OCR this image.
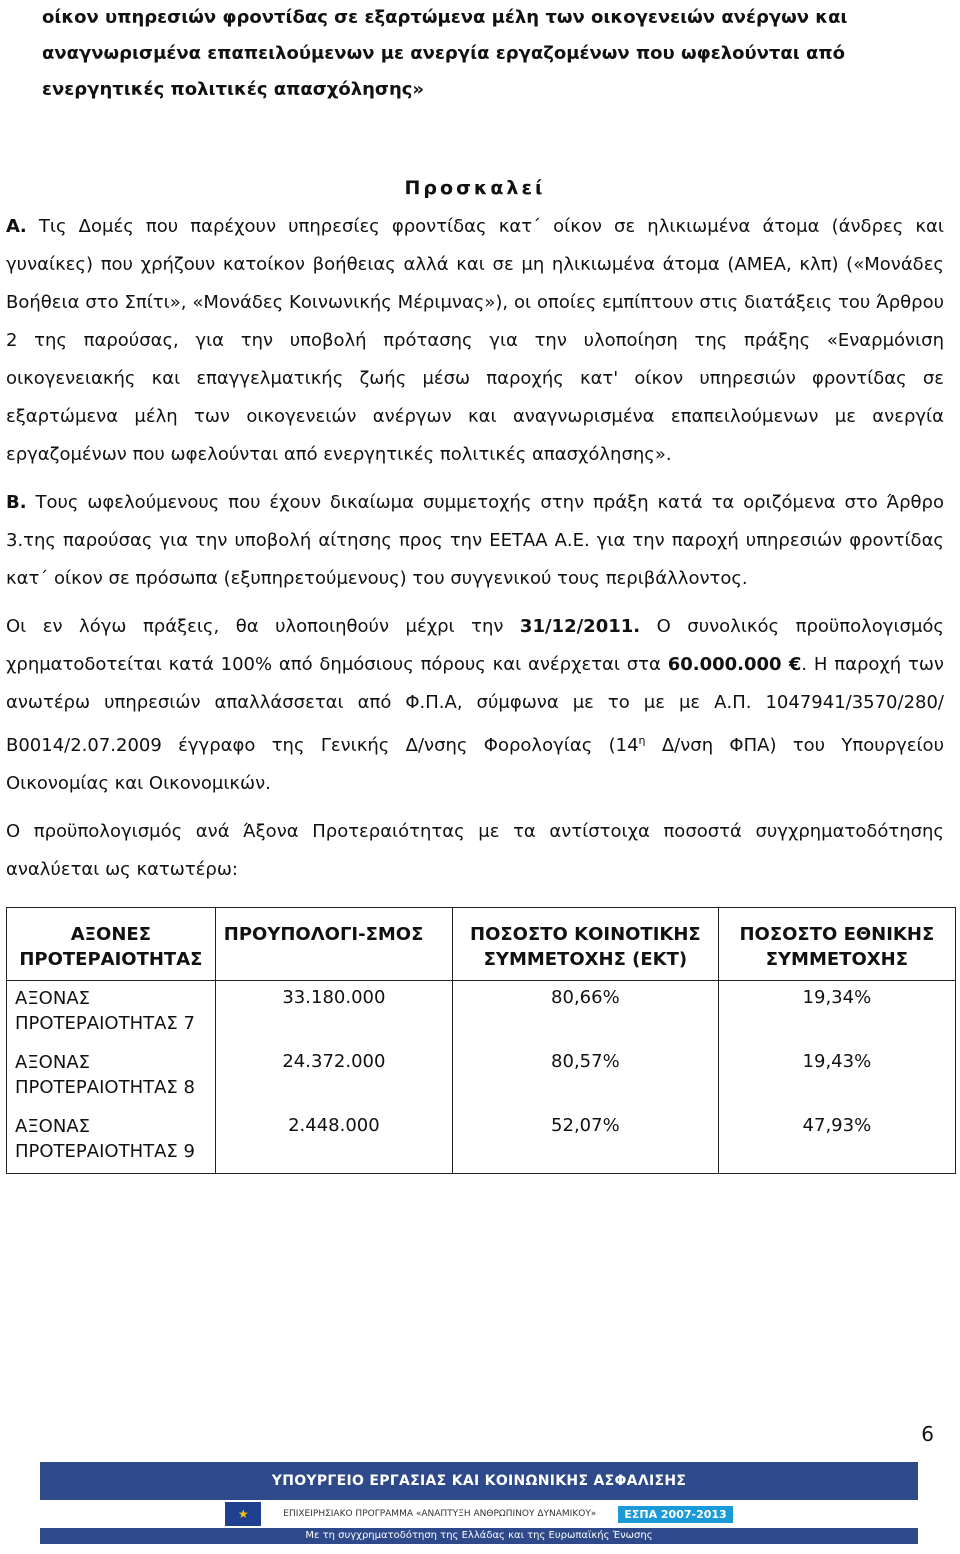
οίκον υπηρεσιών φροντίδας σε εξαρτώμενα μέλη των οικογενειών ανέργων και

αναγνωρισμένα επαπειλούμενων με ανεργία εργαζομένων που ωφελούνται από

ενεργητικές πολιτικές απασχόλησης»

Προσκαλεί

Α. Τις Δομές που παρέχουν υπηρεσίες φροντίδας κατ΄ οίκον σε ηλικιωμένα άτομα (άνδρες και γυναίκες) που χρήζουν κατοίκον βοήθειας αλλά και σε μη ηλικιωμένα άτομα (ΑΜΕΑ, κλπ) («Μονάδες Βοήθεια στο Σπίτι», «Μονάδες Κοινωνικής Μέριμνας»), οι οποίες εμπίπτουν στις διατάξεις του Άρθρου 2 της παρούσας, για την υποβολή πρότασης για την υλοποίηση της πράξης «Εναρμόνιση οικογενειακής και επαγγελματικής ζωής μέσω παροχής κατ' οίκον υπηρεσιών φροντίδας σε εξαρτώμενα μέλη των οικογενειών ανέργων και αναγνωρισμένα επαπειλούμενων με ανεργία εργαζομένων που ωφελούνται από ενεργητικές πολιτικές απασχόλησης».

Β. Τους ωφελούμενους που έχουν δικαίωμα συμμετοχής στην πράξη κατά τα οριζόμενα στο Άρθρο 3.της παρούσας για την υποβολή αίτησης προς την ΕΕΤΑΑ Α.Ε. για την παροχή υπηρεσιών φροντίδας κατ΄ οίκον σε πρόσωπα (εξυπηρετούμενους) του συγγενικού τους περιβάλλοντος.

Οι εν λόγω πράξεις, θα υλοποιηθούν μέχρι την 31/12/2011. Ο συνολικός προϋπολογισμός χρηματοδοτείται κατά 100% από δημόσιους πόρους και ανέρχεται στα 60.000.000 €. Η παροχή των ανωτέρω υπηρεσιών απαλλάσσεται από Φ.Π.Α, σύμφωνα με το με με Α.Π. 1047941/3570/280/Β0014/2.07.2009 έγγραφο της Γενικής Δ/νσης Φορολογίας ($14^\eta$ Δ/νση ΦΠΑ) του Υπουργείου Οικονομίας και Οικονομικών.

Ο προϋπολογισμός ανά Άξονα Προτεραιότητας με τα αντίστοιχα ποσοστά συγχρηματοδότησης αναλύεται ως κατωτέρω:

ΑΞΟΝΕΣ ΠΡΟΤΕΡΑΙΟΤΗΤΑΣ	ΠΡΟΥΠΟΛΟΓΙ-ΣΜΟΣ	ΠΟΣΟΣΤΟ ΚΟΙΝΟΤΙΚΗΣ ΣΥΜΜΕΤΟΧΗΣ (ΕΚΤ)	ΠΟΣΟΣΤΟ ΕΘΝΙΚΗΣ ΣΥΜΜΕΤΟΧΗΣ
ΑΞΟΝΑΣ ΠΡΟΤΕΡΑΙΟΤΗΤΑΣ 7	33.180.000	80,66%	19,34%
ΑΞΟΝΑΣ ΠΡΟΤΕΡΑΙΟΤΗΤΑΣ 8	24.372.000	80,57%	19,43%
ΑΞΟΝΑΣ ΠΡΟΤΕΡΑΙΟΤΗΤΑΣ 9	2.448.000	52,07%	47,93%
6
ΥΠΟΥΡΓΕΙΟ ΕΡΓΑΣΙΑΣ ΚΑΙ ΚΟΙΝΩΝΙΚΗΣ ΑΣΦΑΛΙΣΗΣ
★	ΕΠΙΧΕΙΡΗΣΙΑΚΟ ΠΡΟΓΡΑΜΜΑ «ΑΝΑΠΤΥΞΗ ΑΝΘΡΩΠΙΝΟΥ ΔΥΝΑΜΙΚΟΥ»	ΕΣΠΑ 2007-2013
Με τη συγχρηματοδότηση της Ελλάδας και της Ευρωπαϊκής Ένωσης
